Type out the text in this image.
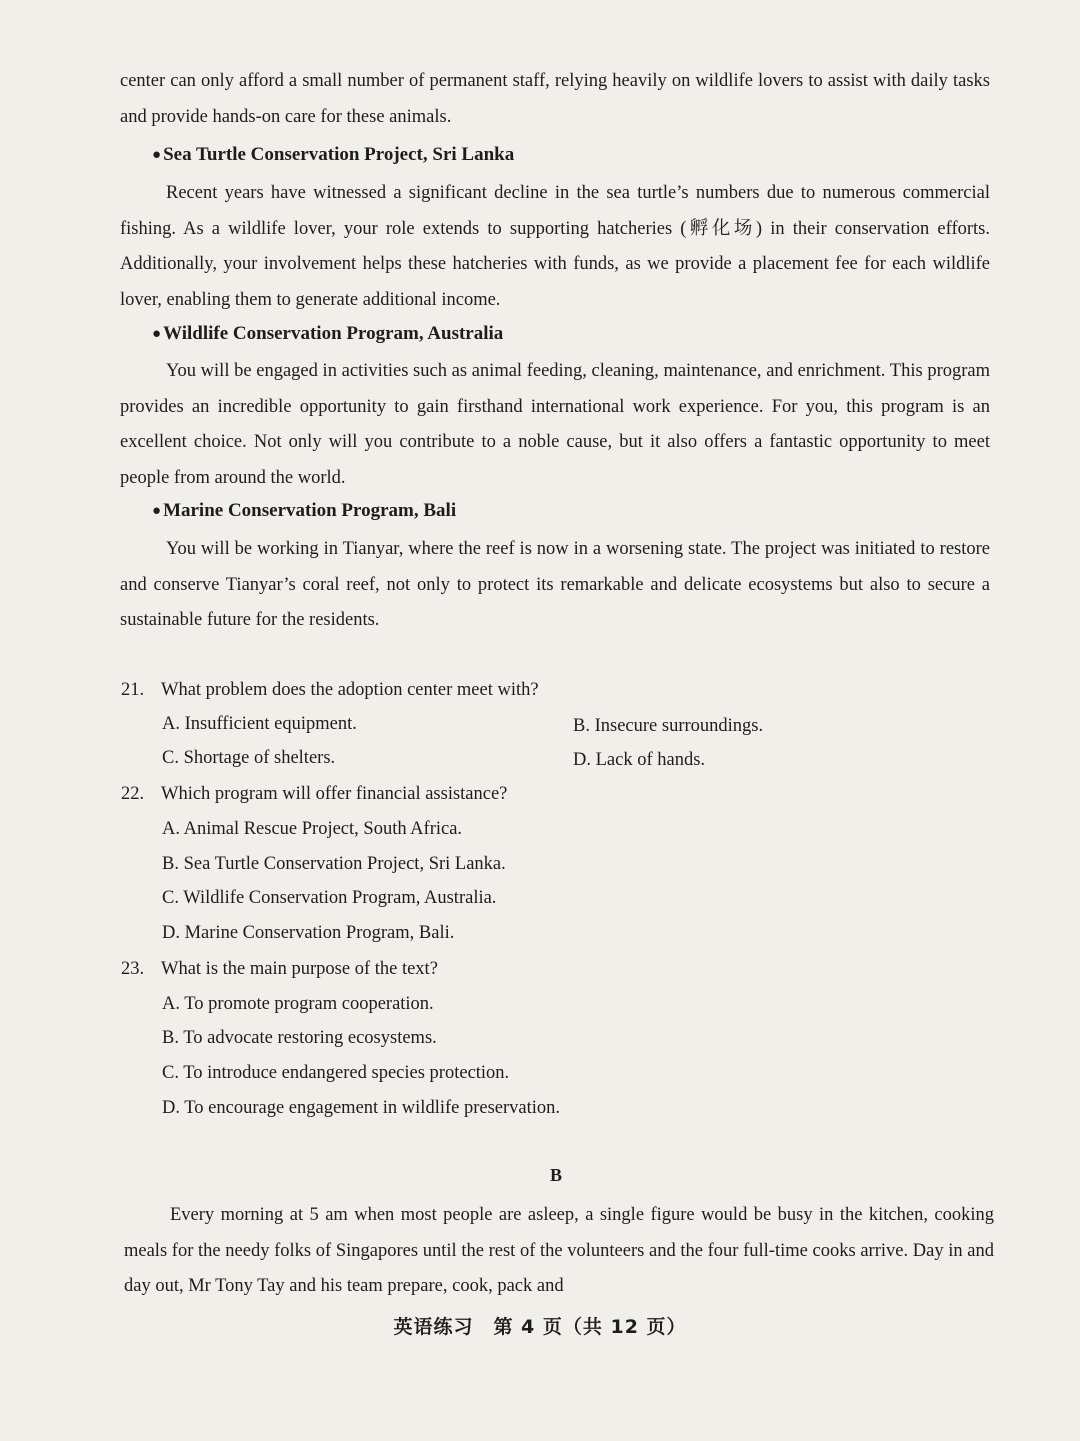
center can only afford a small number of permanent staff, relying heavily on wildlife lovers to assist with daily tasks and provide hands-on care for these animals.

● Sea Turtle Conservation Project, Sri Lanka

Recent years have witnessed a significant decline in the sea turtle’s numbers due to numerous commercial fishing. As a wildlife lover, your role extends to supporting hatcheries (孵化场) in their conservation efforts. Additionally, your involvement helps these hatcheries with funds, as we provide a placement fee for each wildlife lover, enabling them to generate additional income.

● Wildlife Conservation Program, Australia

You will be engaged in activities such as animal feeding, cleaning, maintenance, and enrichment. This program provides an incredible opportunity to gain firsthand international work experience. For you, this program is an excellent choice. Not only will you contribute to a noble cause, but it also offers a fantastic opportunity to meet people from around the world.

● Marine Conservation Program, Bali

You will be working in Tianyar, where the reef is now in a worsening state. The project was initiated to restore and conserve Tianyar’s coral reef, not only to protect its remarkable and delicate ecosystems but also to secure a sustainable future for the residents.

21. What problem does the adoption center meet with?
A. Insufficient equipment.	B. Insecure surroundings.
C. Shortage of shelters.	D. Lack of hands.
22. Which program will offer financial assistance?
A. Animal Rescue Project, South Africa.
B. Sea Turtle Conservation Project, Sri Lanka.
C. Wildlife Conservation Program, Australia.
D. Marine Conservation Program, Bali.
23. What is the main purpose of the text?
A. To promote program cooperation.
B. To advocate restoring ecosystems.
C. To introduce endangered species protection.
D. To encourage engagement in wildlife preservation.
B

Every morning at 5 am when most people are asleep, a single figure would be busy in the kitchen, cooking meals for the needy folks of Singapores until the rest of the volunteers and the four full-time cooks arrive. Day in and day out, Mr Tony Tay and his team prepare, cook, pack and

英语练习　第 4 页（共 12 页）
